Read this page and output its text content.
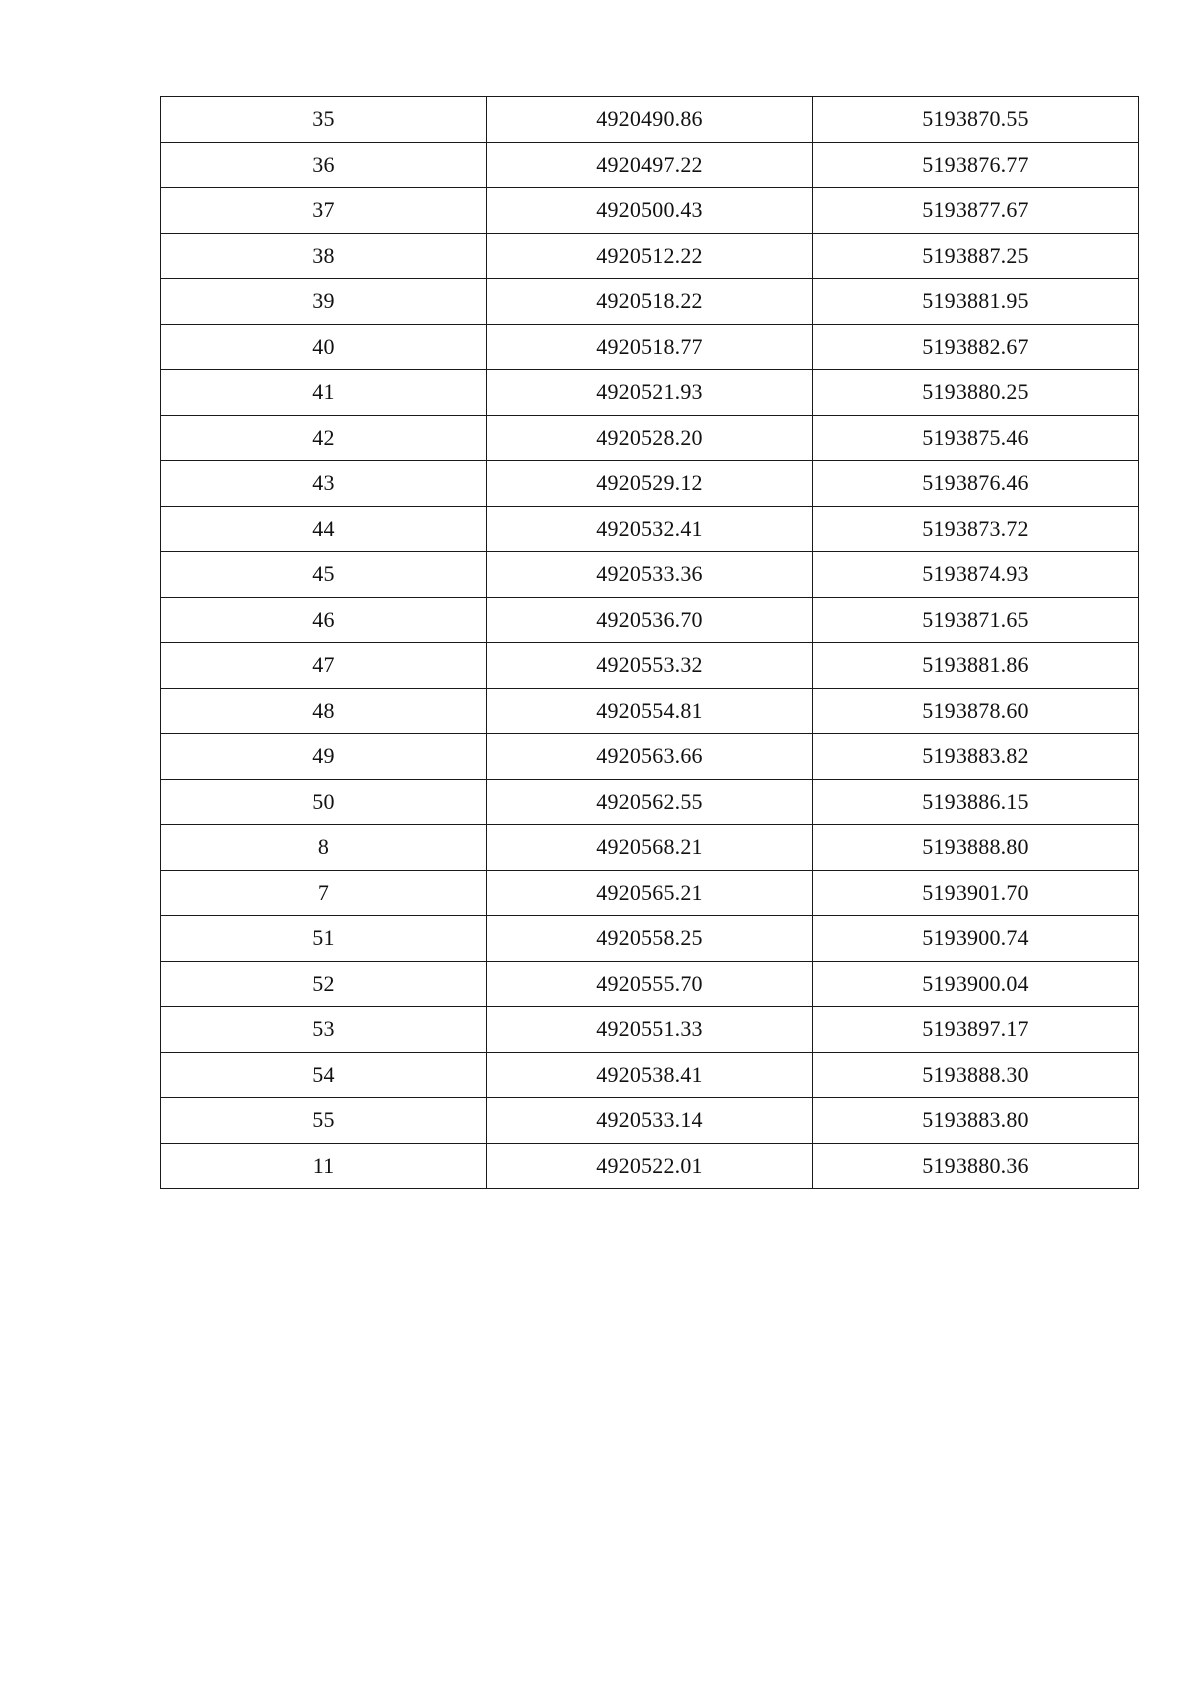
35	4920490.86	5193870.55
36	4920497.22	5193876.77
37	4920500.43	5193877.67
38	4920512.22	5193887.25
39	4920518.22	5193881.95
40	4920518.77	5193882.67
41	4920521.93	5193880.25
42	4920528.20	5193875.46
43	4920529.12	5193876.46
44	4920532.41	5193873.72
45	4920533.36	5193874.93
46	4920536.70	5193871.65
47	4920553.32	5193881.86
48	4920554.81	5193878.60
49	4920563.66	5193883.82
50	4920562.55	5193886.15
8	4920568.21	5193888.80
7	4920565.21	5193901.70
51	4920558.25	5193900.74
52	4920555.70	5193900.04
53	4920551.33	5193897.17
54	4920538.41	5193888.30
55	4920533.14	5193883.80
11	4920522.01	5193880.36
